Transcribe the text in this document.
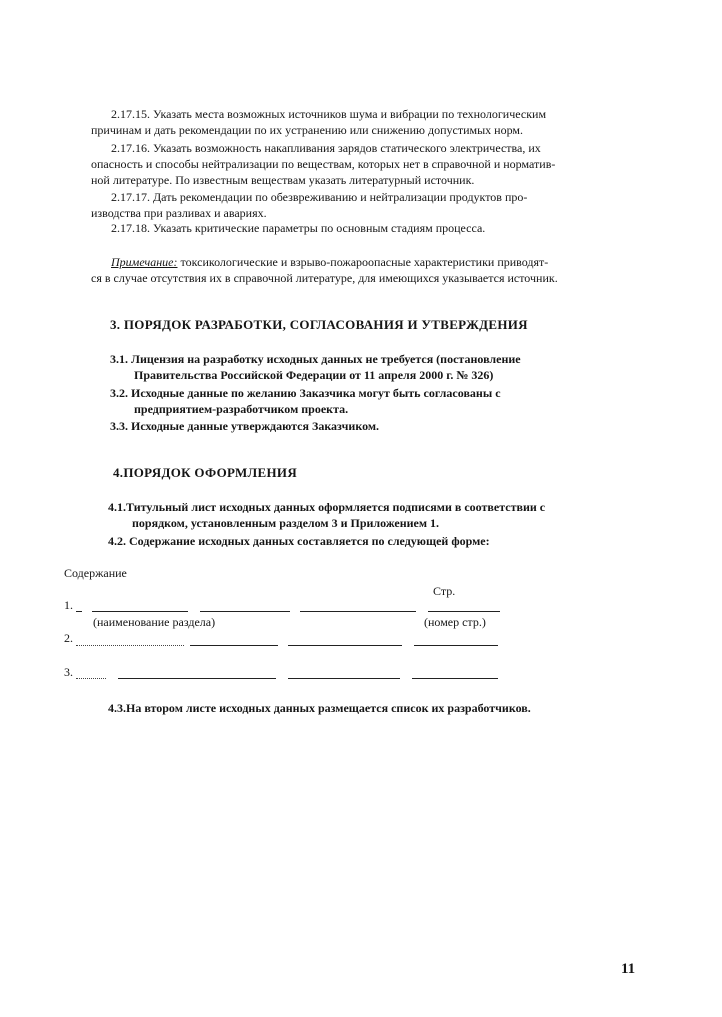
2.17.15. Указать места возможных источников шума и вибрации по технологическим
причинам и дать рекомендации по их устранению или снижению допустимых норм.
2.17.16. Указать возможность накапливания зарядов статического электричества, их
опасность и способы нейтрализации по веществам, которых нет в справочной и норматив-
ной литературе. По известным веществам указать литературный источник.
2.17.17. Дать рекомендации по обезвреживанию и нейтрализации продуктов про-
изводства при разливах и авариях.
2.17.18. Указать критические параметры по основным стадиям процесса.
Примечание: токсикологические и взрыво-пожароопасные характеристики приводят-
ся в случае отсутствия их в справочной литературе, для имеющихся указывается источник.
3. ПОРЯДОК РАЗРАБОТКИ, СОГЛАСОВАНИЯ И УТВЕРЖДЕНИЯ
3.1. Лицензия на разработку исходных данных не требуется (постановление
Правительства Российской Федерации от 11 апреля 2000 г. № 326)
3.2. Исходные данные по желанию Заказчика могут быть согласованы с
предприятием-разработчиком проекта.
3.3. Исходные данные утверждаются Заказчиком.
4.ПОРЯДОК ОФОРМЛЕНИЯ
4.1.Титульный лист исходных данных оформляется подписями в соответствии с
порядком, установленным разделом 3 и Приложением 1.
4.2. Содержание исходных данных составляется по следующей форме:
Содержание
Стр.
1.
(наименование раздела)	(номер стр.)
2.
3.
4.3.На втором листе исходных данных размещается список их разработчиков.
11
